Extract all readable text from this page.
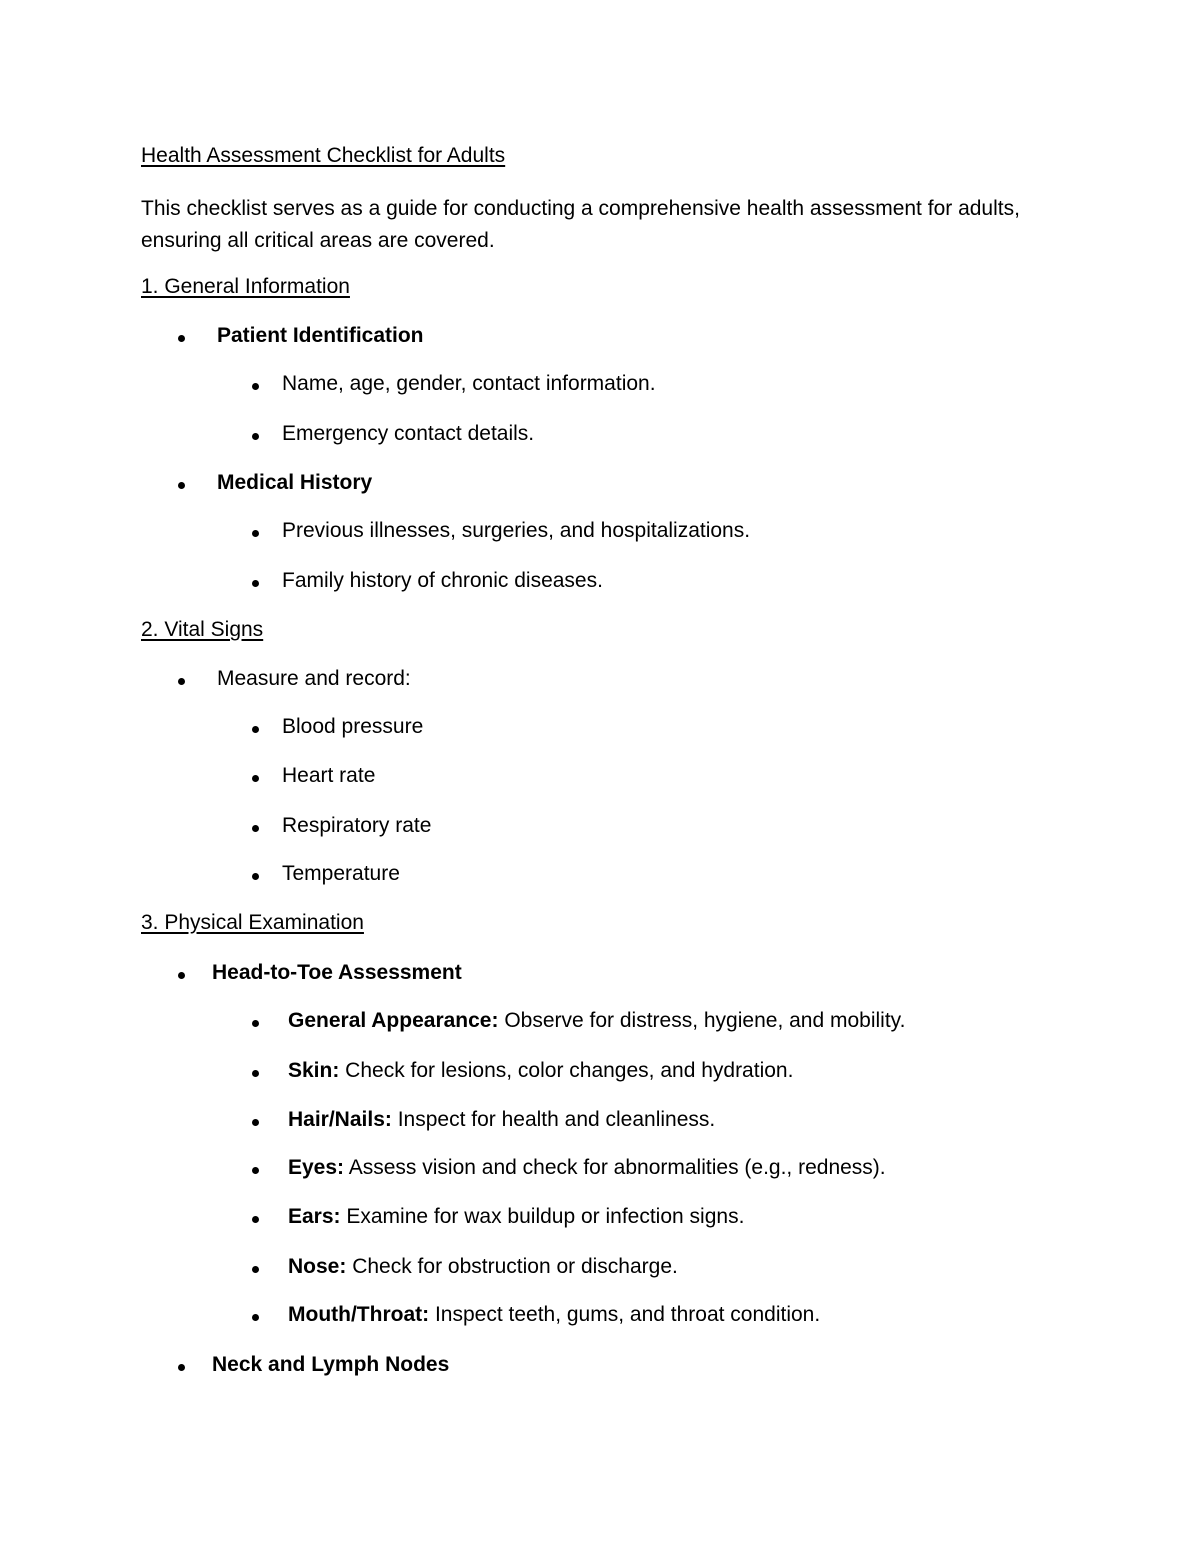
Health Assessment Checklist for Adults
This checklist serves as a guide for conducting a comprehensive health assessment for adults, ensuring all critical areas are covered.
1. General Information
Patient Identification
Name, age, gender, contact information.
Emergency contact details.
Medical History
Previous illnesses, surgeries, and hospitalizations.
Family history of chronic diseases.
2. Vital Signs
Measure and record:
Blood pressure
Heart rate
Respiratory rate
Temperature
3. Physical Examination
Head-to-Toe Assessment
General Appearance: Observe for distress, hygiene, and mobility.
Skin: Check for lesions, color changes, and hydration.
Hair/Nails: Inspect for health and cleanliness.
Eyes: Assess vision and check for abnormalities (e.g., redness).
Ears: Examine for wax buildup or infection signs.
Nose: Check for obstruction or discharge.
Mouth/Throat: Inspect teeth, gums, and throat condition.
Neck and Lymph Nodes
